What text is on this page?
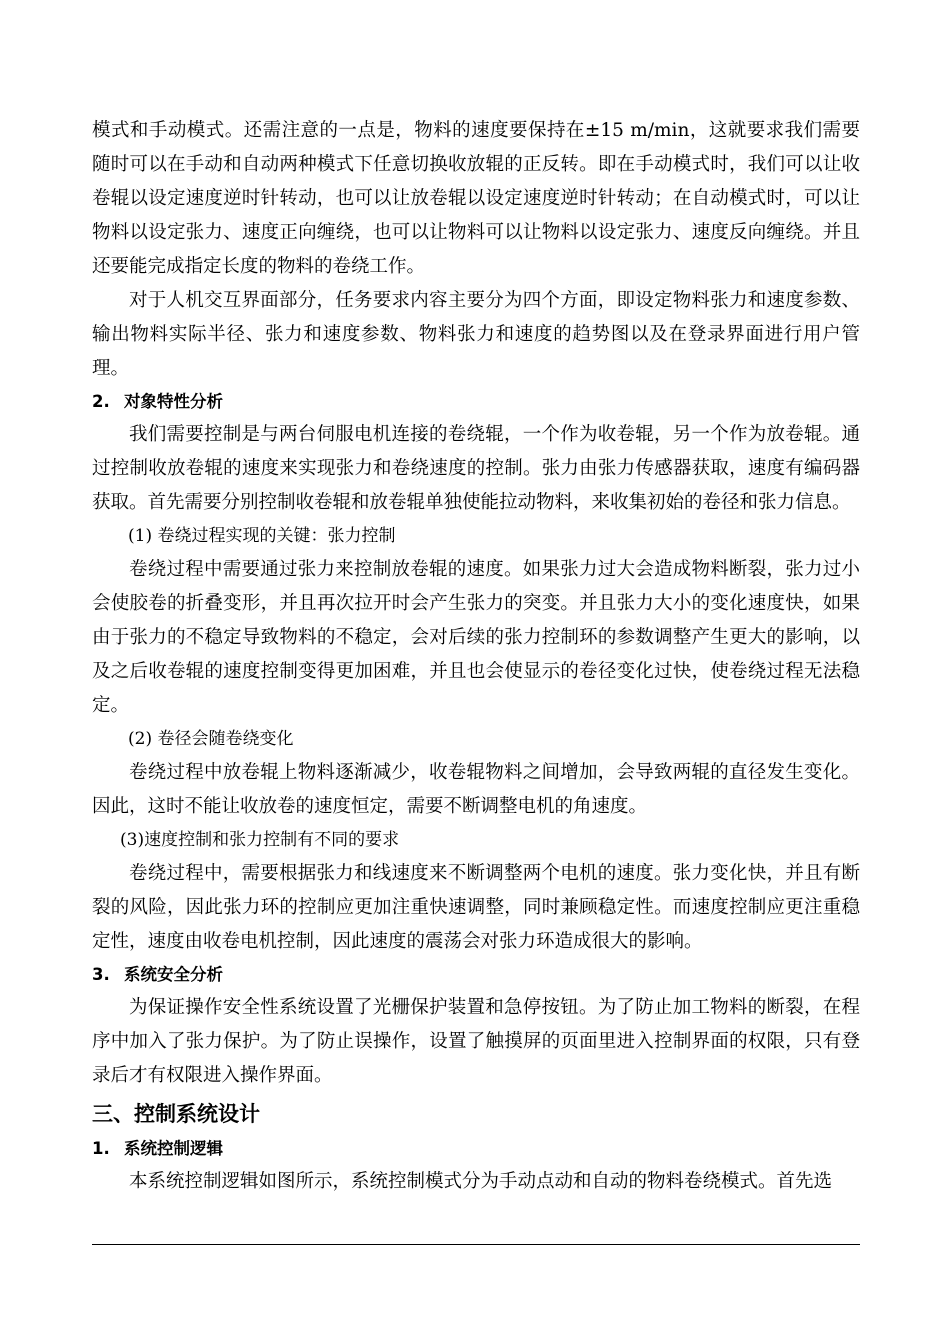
模式和手动模式。还需注意的一点是，物料的速度要保持在±15 m/min，这就要求我们需要随时可以在手动和自动两种模式下任意切换收放辊的正反转。即在手动模式时，我们可以让收卷辊以设定速度逆时针转动，也可以让放卷辊以设定速度逆时针转动；在自动模式时，可以让物料以设定张力、速度正向缠绕，也可以让物料可以让物料以设定张力、速度反向缠绕。并且还要能完成指定长度的物料的卷绕工作。

对于人机交互界面部分，任务要求内容主要分为四个方面，即设定物料张力和速度参数、输出物料实际半径、张力和速度参数、物料张力和速度的趋势图以及在登录界面进行用户管理。

2. 对象特性分析

我们需要控制是与两台伺服电机连接的卷绕辊，一个作为收卷辊，另一个作为放卷辊。通过控制收放卷辊的速度来实现张力和卷绕速度的控制。张力由张力传感器获取，速度有编码器获取。首先需要分别控制收卷辊和放卷辊单独使能拉动物料，来收集初始的卷径和张力信息。

(1) 卷绕过程实现的关键：张力控制

卷绕过程中需要通过张力来控制放卷辊的速度。如果张力过大会造成物料断裂，张力过小会使胶卷的折叠变形，并且再次拉开时会产生张力的突变。并且张力大小的变化速度快，如果由于张力的不稳定导致物料的不稳定，会对后续的张力控制环的参数调整产生更大的影响，以及之后收卷辊的速度控制变得更加困难，并且也会使显示的卷径变化过快，使卷绕过程无法稳定。

(2) 卷径会随卷绕变化

卷绕过程中放卷辊上物料逐渐减少，收卷辊物料之间增加，会导致两辊的直径发生变化。因此，这时不能让收放卷的速度恒定，需要不断调整电机的角速度。

(3)速度控制和张力控制有不同的要求

卷绕过程中，需要根据张力和线速度来不断调整两个电机的速度。张力变化快，并且有断裂的风险，因此张力环的控制应更加注重快速调整，同时兼顾稳定性。而速度控制应更注重稳定性，速度由收卷电机控制，因此速度的震荡会对张力环造成很大的影响。

3. 系统安全分析

为保证操作安全性系统设置了光栅保护装置和急停按钮。为了防止加工物料的断裂，在程序中加入了张力保护。为了防止误操作，设置了触摸屏的页面里进入控制界面的权限，只有登录后才有权限进入操作界面。

三、控制系统设计

1. 系统控制逻辑

本系统控制逻辑如图所示，系统控制模式分为手动点动和自动的物料卷绕模式。首先选
